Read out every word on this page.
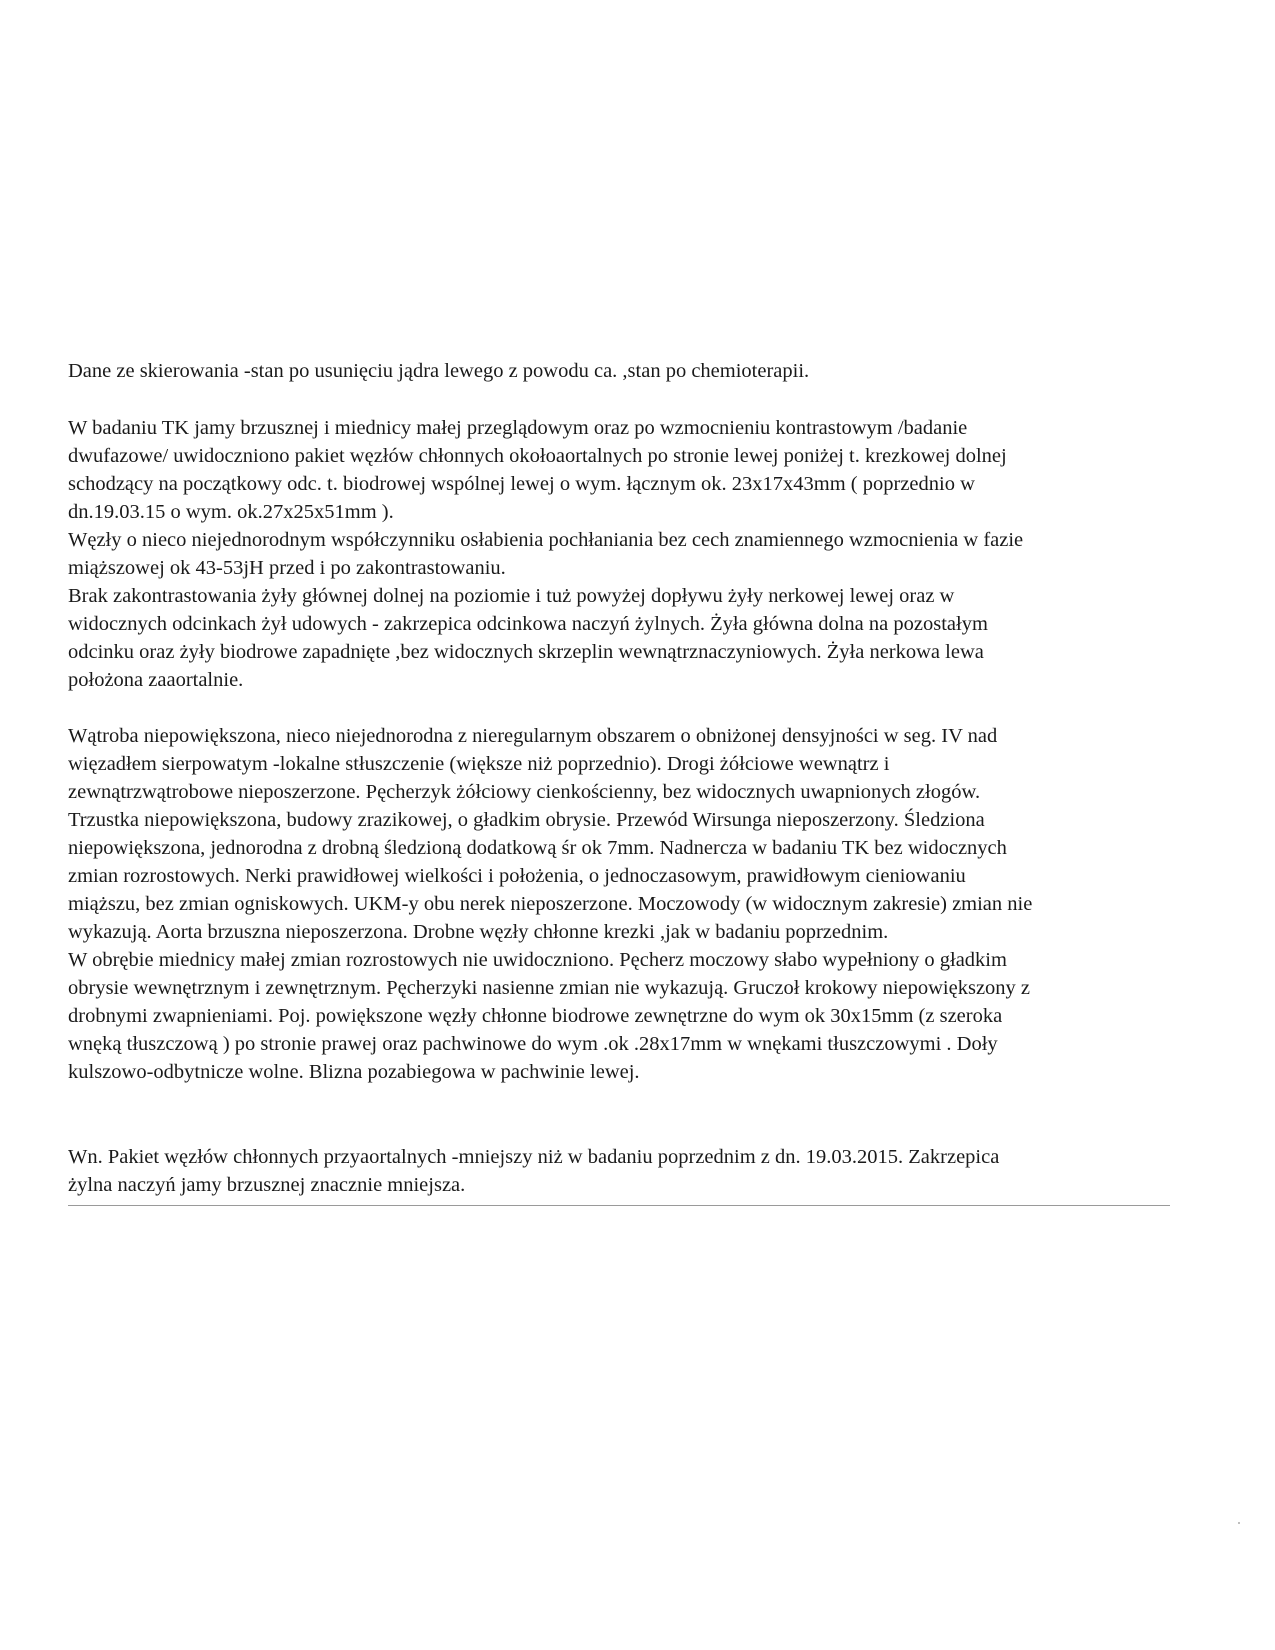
Dane ze skierowania -stan po usunięciu jądra lewego z powodu ca. ,stan po chemioterapii.
W badaniu TK jamy brzusznej i miednicy małej przeglądowym oraz po wzmocnieniu kontrastowym /badanie
dwufazowe/ uwidoczniono pakiet węzłów chłonnych okołoaortalnych po stronie lewej poniżej t. krezkowej dolnej
schodzący na początkowy odc. t. biodrowej wspólnej lewej o wym. łącznym ok. 23x17x43mm ( poprzednio w
dn.19.03.15 o wym. ok.27x25x51mm ).
Węzły o nieco niejednorodnym współczynniku osłabienia pochłaniania bez cech znamiennego wzmocnienia w fazie
miąższowej ok 43-53jH przed i po zakontrastowaniu.
Brak zakontrastowania żyły głównej dolnej na poziomie i tuż powyżej dopływu żyły nerkowej lewej oraz w
widocznych odcinkach żył udowych - zakrzepica odcinkowa naczyń żylnych. Żyła główna dolna na pozostałym
odcinku oraz żyły biodrowe zapadnięte ,bez widocznych skrzeplin wewnątrznaczyniowych. Żyła nerkowa lewa
położona zaaortalnie.
Wątroba niepowiększona, nieco niejednorodna z nieregularnym obszarem o obniżonej densyjności w seg. IV nad
więzadłem sierpowatym -lokalne stłuszczenie (większe niż poprzednio). Drogi żółciowe wewnątrz i
zewnątrzwątrobowe nieposzerzone. Pęcherzyk żółciowy cienkościenny, bez widocznych uwapnionych złogów.
Trzustka niepowiększona, budowy zrazikowej, o gładkim obrysie. Przewód Wirsunga nieposzerzony. Śledziona
niepowiększona, jednorodna z drobną śledzioną dodatkową śr ok 7mm. Nadnercza w badaniu TK bez widocznych
zmian rozrostowych. Nerki prawidłowej wielkości i położenia, o jednoczasowym, prawidłowym cieniowaniu
miąższu, bez zmian ogniskowych. UKM-y obu nerek nieposzerzone. Moczowody (w widocznym zakresie) zmian nie
wykazują. Aorta brzuszna nieposzerzona. Drobne węzły chłonne krezki ,jak w badaniu poprzednim.
W obrębie miednicy małej zmian rozrostowych nie uwidoczniono. Pęcherz moczowy słabo wypełniony o gładkim
obrysie wewnętrznym i zewnętrznym. Pęcherzyki nasienne zmian nie wykazują. Gruczoł krokowy niepowiększony z
drobnymi zwapnieniami. Poj. powiększone węzły chłonne biodrowe zewnętrzne do wym ok 30x15mm (z szeroka
wnęką tłuszczową ) po stronie prawej oraz pachwinowe do wym .ok .28x17mm w wnękami tłuszczowymi . Doły
kulszowo-odbytnicze wolne. Blizna pozabiegowa w pachwinie lewej.
Wn. Pakiet węzłów chłonnych przyaortalnych -mniejszy niż w badaniu poprzednim z dn. 19.03.2015. Zakrzepica
żylna naczyń jamy brzusznej znacznie mniejsza.
